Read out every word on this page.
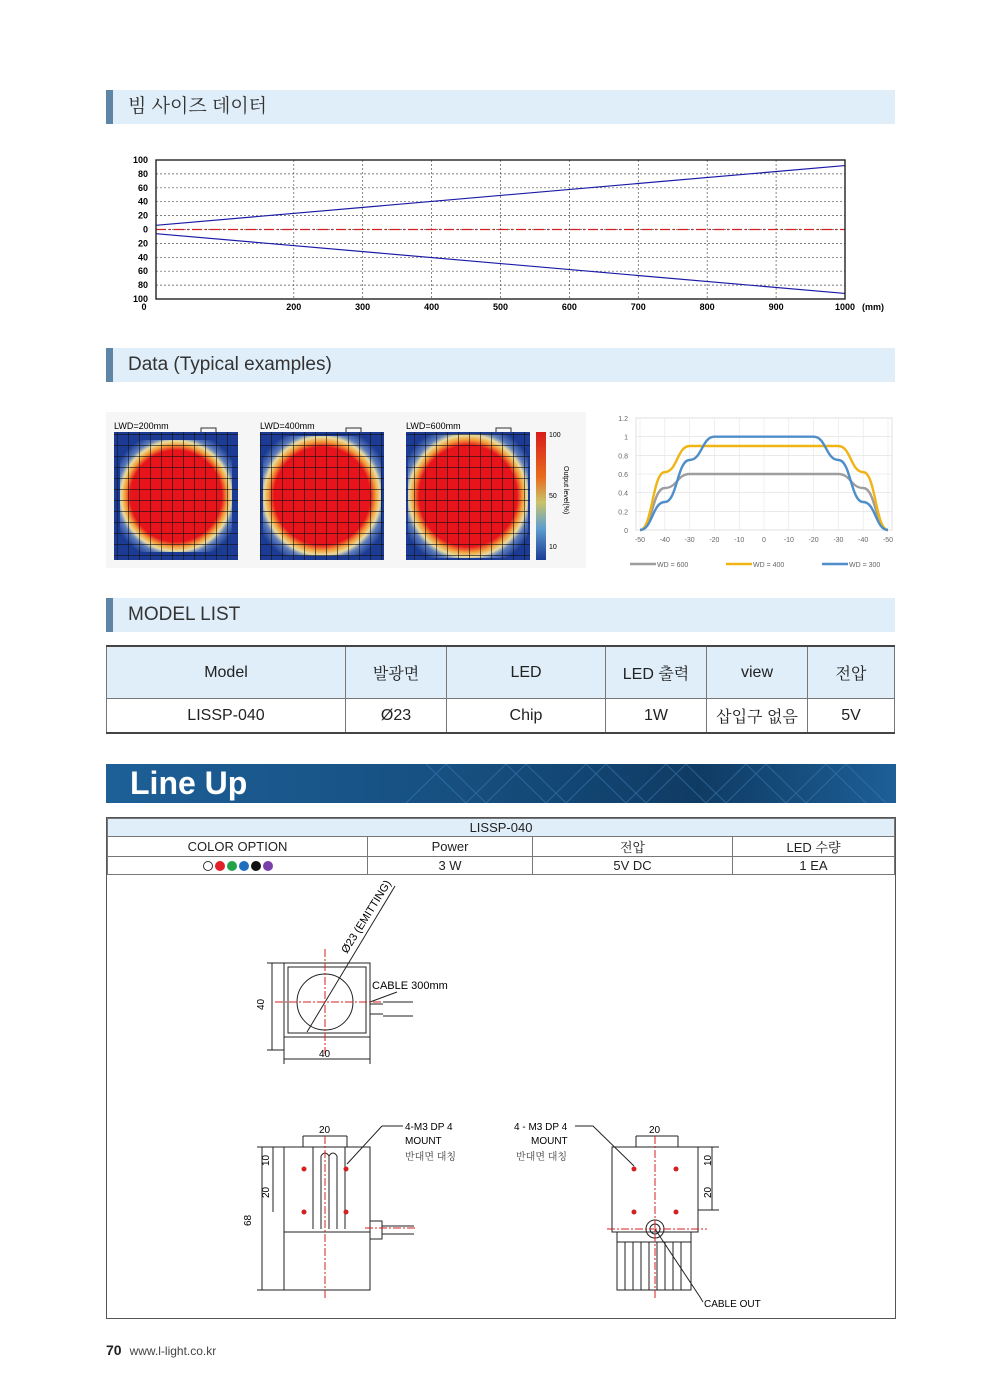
빔 사이즈 데이터
100
80
60
40
20
0
20
40
60
80
100
0	200	300	400	500	600	700	800	900	1000 (mm)
Data (Typical examples)
LWD=200mm	LWD=400mm	LWD=600mm
100
50
10
Output level(%)
1.2
1
0.8
0.6
0.4
0.2
0
-50 -40 -30 -20 -10	0	-10 -20 -30 -40 -50
WD = 600	WD = 400	WD = 300
MODEL LIST
Model	발광면	LED	LED 출력	view	전압
LISSP-040	Ø23	Chip	1W	삽입구 없음	5V
Line Up
LISSP-040			
COLOR OPTION	Power	전압	LED 수량
	3 W	5V DC	1 EA
Ø23 (EMITTING)
CABLE 300mm
40
40
20
10
20
68
4-M3 DP 4
MOUNT
반대면 대칭
4 - M3 DP 4
MOUNT
반대면 대칭
20
10
20
CABLE OUT
70 www.l-light.co.kr
